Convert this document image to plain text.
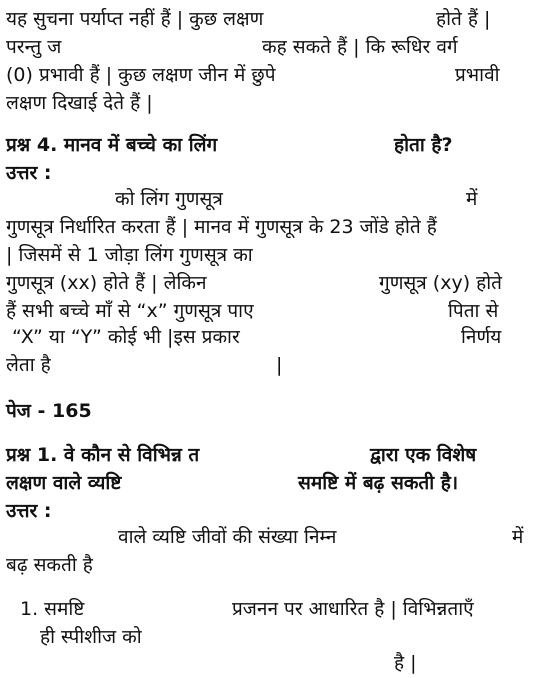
यह सुचना पर्याप्त नहीं हैं | कुछ लक्षण	होते हैं |
परन्तु ज	कह सकते हैं | कि रूधिर वर्ग
(0) प्रभावी हैं | कुछ लक्षण जीन में छुपे	प्रभावी
लक्षण दिखाई देते हैं |
प्रश्न 4. मानव में बच्चे का लिंग	होता है?
उत्तर :
को लिंग गुणसूत्र	में
गुणसूत्र निर्धारित करता हैं | मानव में गुणसूत्र के 23 जोंडे होते हैं
| जिसमें से 1 जोड़ा लिंग गुणसूत्र का
गुणसूत्र (xx) होते हैं | लेकिन	गुणसूत्र (xy) होते
हैं सभी बच्चे माँ से “x” गुणसूत्र पाए	पिता से
“X” या “Y” कोई भी |इस प्रकार	निर्णय
लेता है	|
पेज - 165
प्रश्न 1. वे कौन से विभिन्न त	द्वारा एक विशेष
लक्षण वाले व्यष्टि	समष्टि में बढ़ सकती है।
उत्तर :
वाले व्यष्टि जीवों की संख्या निम्न	में
बढ़ सकती है
1. समष्टि	प्रजनन पर आधारित है | विभिन्नताएँ
ही स्पीशीज को
है |
